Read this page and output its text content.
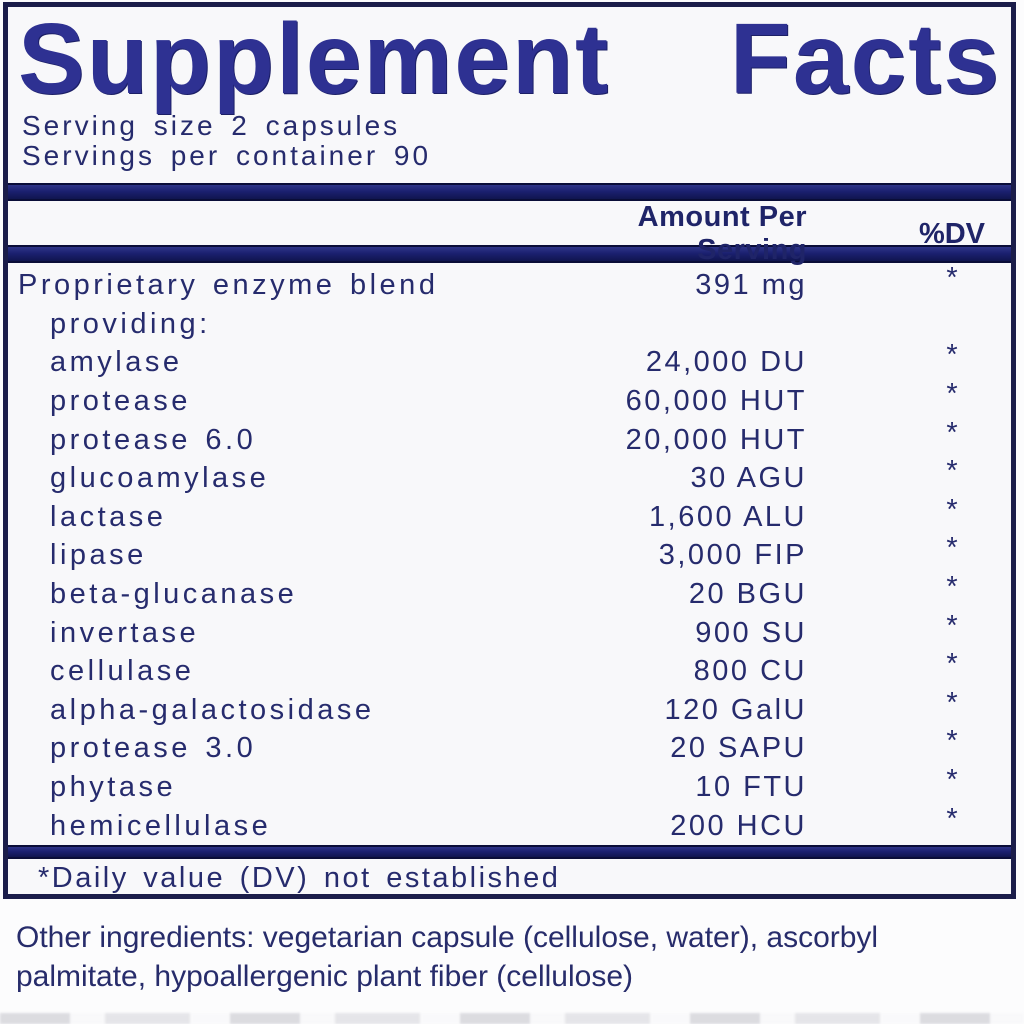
Supplement Facts
Serving size 2 capsules
Servings per container 90
Amount Per Serving
%DV
Proprietary enzyme blend	391 mg	*
providing:
amylase	24,000 DU	*
protease	60,000 HUT	*
protease 6.0	20,000 HUT	*
glucoamylase	30 AGU	*
lactase	1,600 ALU	*
lipase	3,000 FIP	*
beta-glucanase	20 BGU	*
invertase	900 SU	*
cellulase	800 CU	*
alpha-galactosidase	120 GalU	*
protease 3.0	20 SAPU	*
phytase	10 FTU	*
hemicellulase	200 HCU	*
*Daily value (DV) not established
Other ingredients: vegetarian capsule (cellulose, water), ascorbyl
palmitate, hypoallergenic plant fiber (cellulose)
